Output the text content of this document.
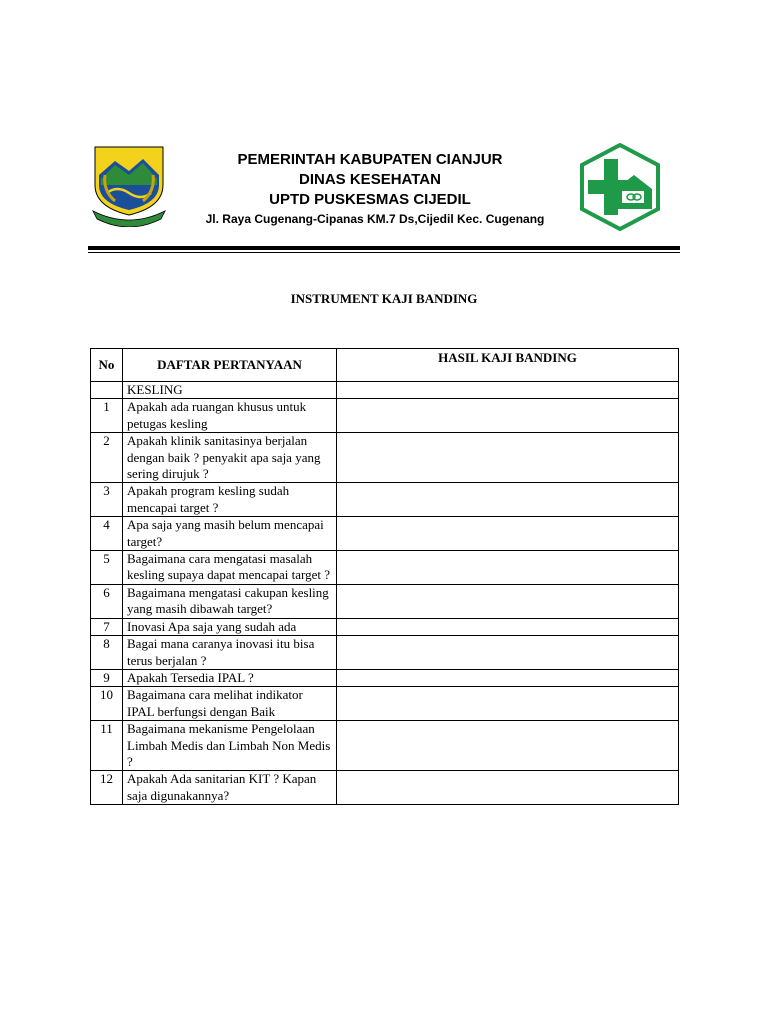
PEMERINTAH KABUPATEN CIANJUR
DINAS KESEHATAN
UPTD PUSKESMAS CIJEDIL
Jl. Raya Cugenang-Cipanas KM.7 Ds,Cijedil Kec. Cugenang
INSTRUMENT KAJI BANDING
No	DAFTAR PERTANYAAN	HASIL KAJI BANDING
	KESLING	
1	Apakah ada ruangan khusus untuk petugas kesling	
2	Apakah klinik sanitasinya berjalan dengan baik ? penyakit apa saja yang sering dirujuk ?	
3	Apakah program kesling sudah mencapai target ?	
4	Apa saja yang masih belum mencapai target?	
5	Bagaimana cara mengatasi masalah kesling supaya dapat mencapai target ?	
6	Bagaimana mengatasi cakupan kesling yang masih dibawah target?	
7	Inovasi Apa saja yang sudah ada	
8	Bagai mana caranya inovasi itu bisa terus berjalan ?	
9	Apakah Tersedia IPAL ?	
10	Bagaimana cara melihat indikator IPAL berfungsi dengan Baik	
11	Bagaimana mekanisme Pengelolaan Limbah Medis dan Limbah Non Medis ?	
12	Apakah Ada sanitarian KIT ? Kapan saja digunakannya?	
